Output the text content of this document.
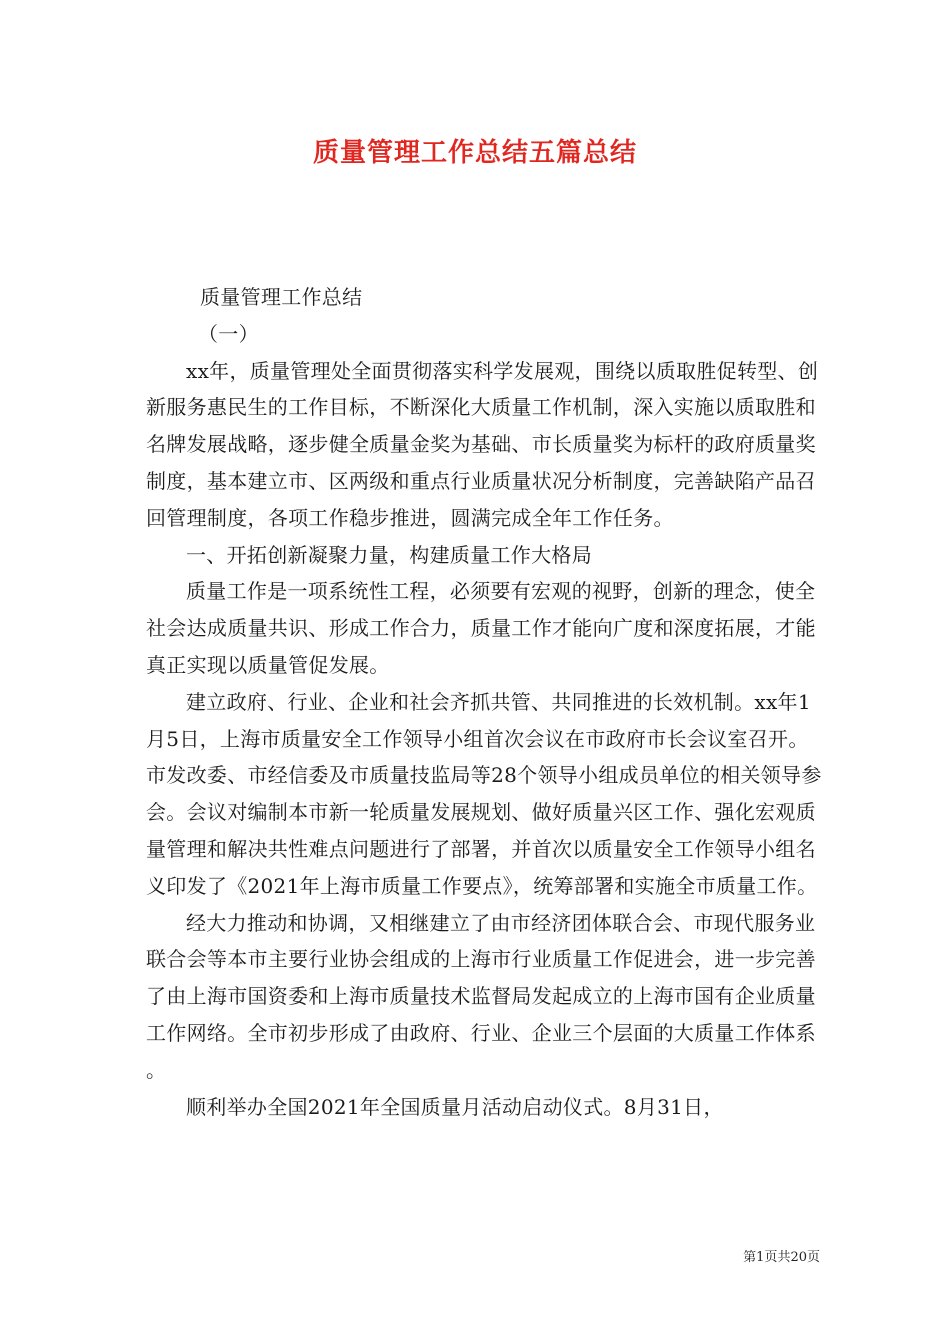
质量管理工作总结五篇总结

质量管理工作总结

（一）

xx年，质量管理处全面贯彻落实科学发展观，围绕以质取胜促转型、创新服务惠民生的工作目标，不断深化大质量工作机制，深入实施以质取胜和名牌发展战略，逐步健全质量金奖为基础、市长质量奖为标杆的政府质量奖制度，基本建立市、区两级和重点行业质量状况分析制度，完善缺陷产品召回管理制度，各项工作稳步推进，圆满完成全年工作任务。

一、开拓创新凝聚力量，构建质量工作大格局

质量工作是一项系统性工程，必须要有宏观的视野，创新的理念，使全社会达成质量共识、形成工作合力，质量工作才能向广度和深度拓展，才能真正实现以质量管促发展。

建立政府、行业、企业和社会齐抓共管、共同推进的长效机制。xx年1月5日，上海市质量安全工作领导小组首次会议在市政府市长会议室召开。市发改委、市经信委及市质量技监局等28个领导小组成员单位的相关领导参会。会议对编制本市新一轮质量发展规划、做好质量兴区工作、强化宏观质量管理和解决共性难点问题进行了部署，并首次以质量安全工作领导小组名义印发了《2021年上海市质量工作要点》，统筹部署和实施全市质量工作。

经大力推动和协调，又相继建立了由市经济团体联合会、市现代服务业联合会等本市主要行业协会组成的上海市行业质量工作促进会，进一步完善了由上海市国资委和上海市质量技术监督局发起成立的上海市国有企业质量工作网络。全市初步形成了由政府、行业、企业三个层面的大质量工作体系。

顺利举办全国2021年全国质量月活动启动仪式。8月31日，

第1页共20页
